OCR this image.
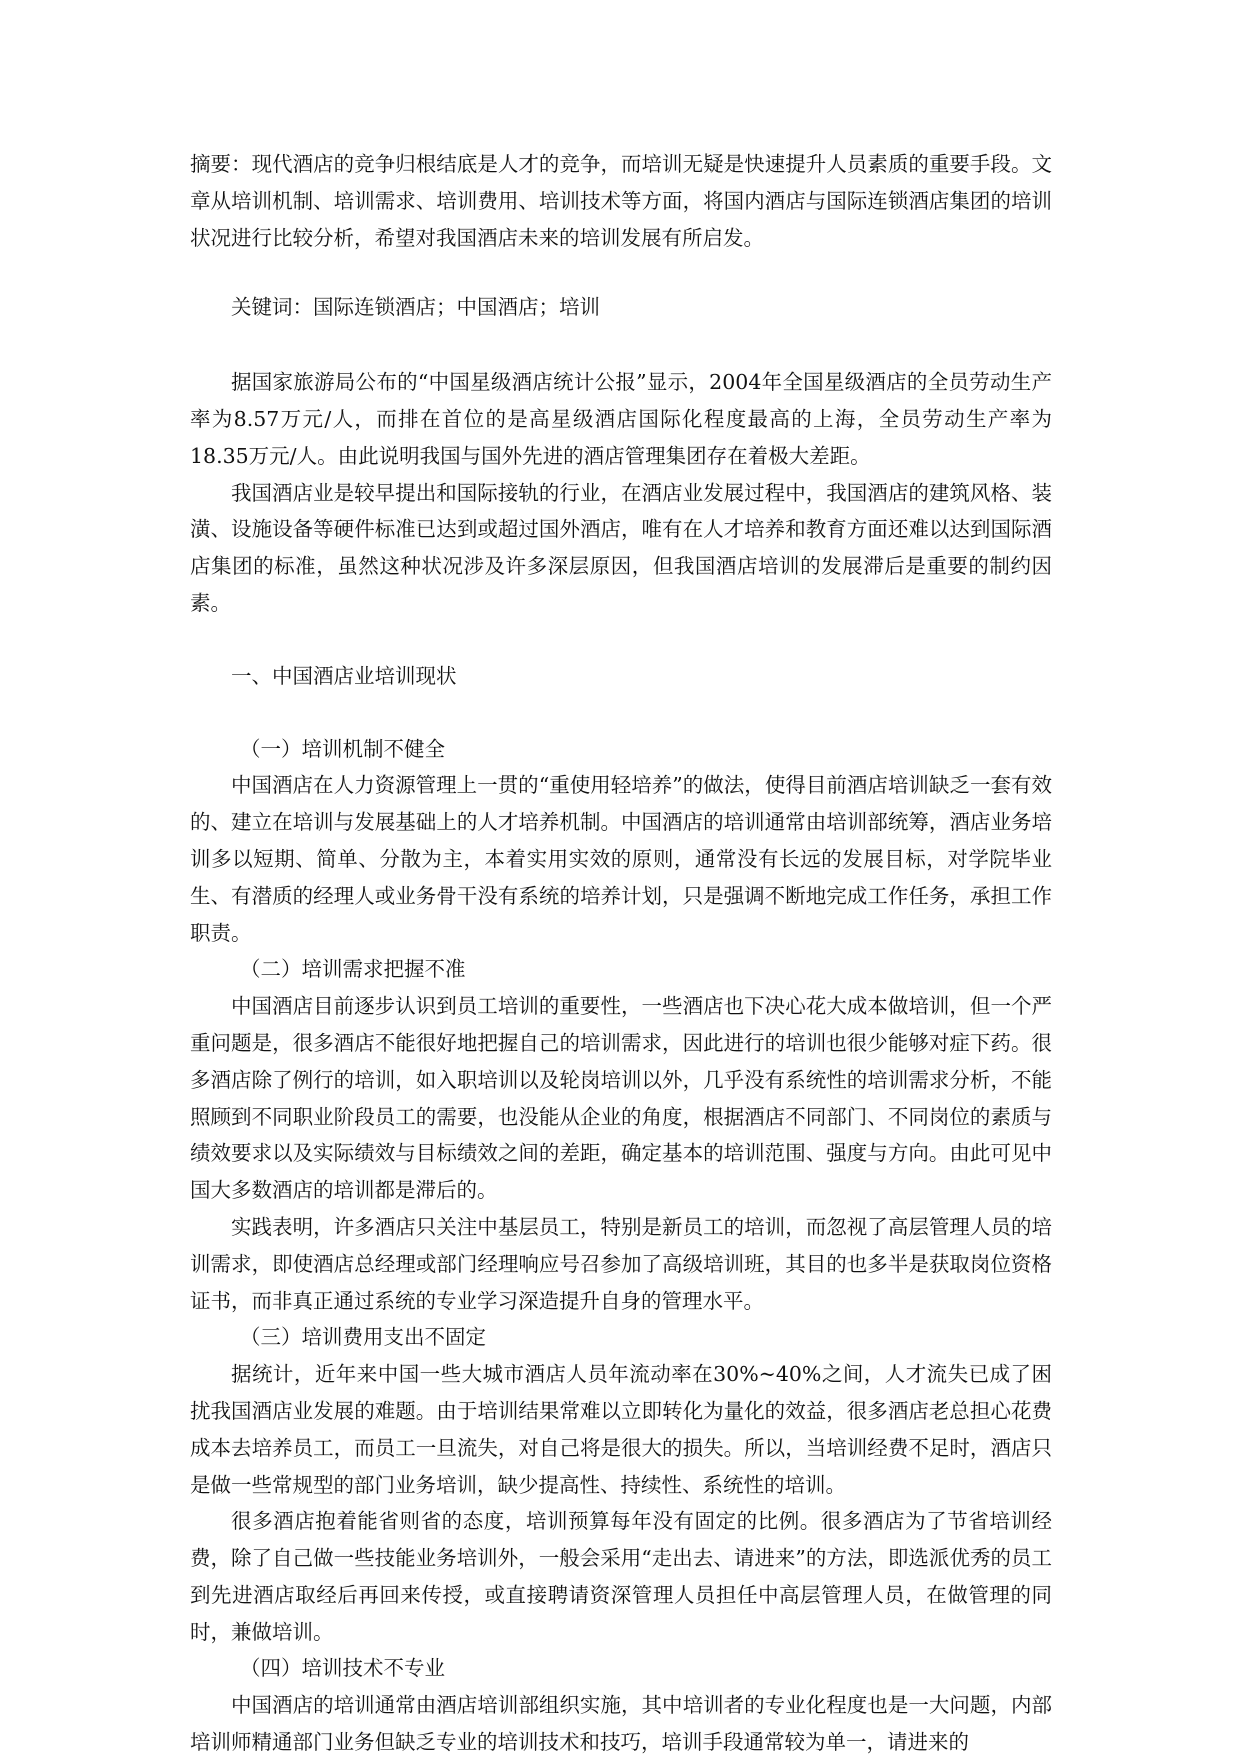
摘要：现代酒店的竞争归根结底是人才的竞争，而培训无疑是快速提升人员素质的重要手段。文章从培训机制、培训需求、培训费用、培训技术等方面，将国内酒店与国际连锁酒店集团的培训状况进行比较分析，希望对我国酒店未来的培训发展有所启发。

关键词：国际连锁酒店；中国酒店；培训

据国家旅游局公布的“中国星级酒店统计公报”显示，2004年全国星级酒店的全员劳动生产率为8.57万元/人，而排在首位的是高星级酒店国际化程度最高的上海，全员劳动生产率为18.35万元/人。由此说明我国与国外先进的酒店管理集团存在着极大差距。

我国酒店业是较早提出和国际接轨的行业，在酒店业发展过程中，我国酒店的建筑风格、装潢、设施设备等硬件标准已达到或超过国外酒店，唯有在人才培养和教育方面还难以达到国际酒店集团的标准，虽然这种状况涉及许多深层原因，但我国酒店培训的发展滞后是重要的制约因素。

一、中国酒店业培训现状

（一）培训机制不健全

中国酒店在人力资源管理上一贯的“重使用轻培养”的做法，使得目前酒店培训缺乏一套有效的、建立在培训与发展基础上的人才培养机制。中国酒店的培训通常由培训部统筹，酒店业务培训多以短期、简单、分散为主，本着实用实效的原则，通常没有长远的发展目标，对学院毕业生、有潜质的经理人或业务骨干没有系统的培养计划，只是强调不断地完成工作任务，承担工作职责。

（二）培训需求把握不准

中国酒店目前逐步认识到员工培训的重要性，一些酒店也下决心花大成本做培训，但一个严重问题是，很多酒店不能很好地把握自己的培训需求，因此进行的培训也很少能够对症下药。很多酒店除了例行的培训，如入职培训以及轮岗培训以外，几乎没有系统性的培训需求分析，不能照顾到不同职业阶段员工的需要，也没能从企业的角度，根据酒店不同部门、不同岗位的素质与绩效要求以及实际绩效与目标绩效之间的差距，确定基本的培训范围、强度与方向。由此可见中国大多数酒店的培训都是滞后的。

实践表明，许多酒店只关注中基层员工，特别是新员工的培训，而忽视了高层管理人员的培训需求，即使酒店总经理或部门经理响应号召参加了高级培训班，其目的也多半是获取岗位资格证书，而非真正通过系统的专业学习深造提升自身的管理水平。

（三）培训费用支出不固定

据统计，近年来中国一些大城市酒店人员年流动率在30%~40%之间，人才流失已成了困扰我国酒店业发展的难题。由于培训结果常难以立即转化为量化的效益，很多酒店老总担心花费成本去培养员工，而员工一旦流失，对自己将是很大的损失。所以，当培训经费不足时，酒店只是做一些常规型的部门业务培训，缺少提高性、持续性、系统性的培训。

很多酒店抱着能省则省的态度，培训预算每年没有固定的比例。很多酒店为了节省培训经费，除了自己做一些技能业务培训外，一般会采用“走出去、请进来”的方法，即选派优秀的员工到先进酒店取经后再回来传授，或直接聘请资深管理人员担任中高层管理人员，在做管理的同时，兼做培训。

（四）培训技术不专业

中国酒店的培训通常由酒店培训部组织实施，其中培训者的专业化程度也是一大问题，内部培训师精通部门业务但缺乏专业的培训技术和技巧，培训手段通常较为单一，请进来的
